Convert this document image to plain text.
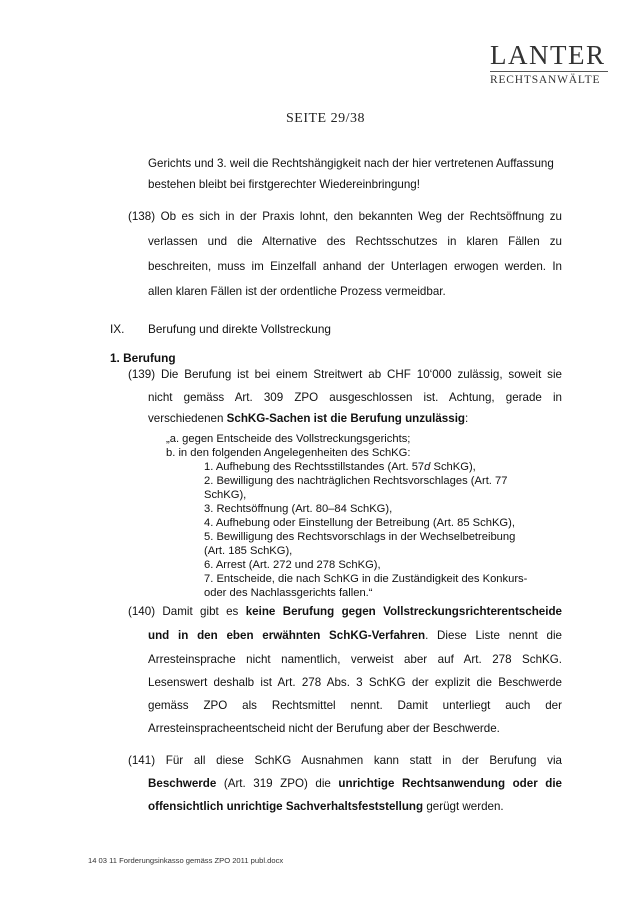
LANTER
RECHTSANWÄLTE
SEITE 29/38
Gerichts und 3. weil die Rechtshängigkeit nach der hier vertretenen Auffassung
bestehen bleibt bei firstgerechter Wiedereinbringung!
(138) Ob es sich in der Praxis lohnt, den bekannten Weg der Rechtsöffnung zu
verlassen und die Alternative des Rechtsschutzes in klaren Fällen zu
beschreiten, muss im Einzelfall anhand der Unterlagen erwogen werden. In
allen klaren Fällen ist der ordentliche Prozess vermeidbar.
IX. Berufung und direkte Vollstreckung
1. Berufung
(139) Die Berufung ist bei einem Streitwert ab CHF 10‘000 zulässig, soweit sie
nicht gemäss Art. 309 ZPO ausgeschlossen ist. Achtung, gerade in
verschiedenen SchKG-Sachen ist die Berufung unzulässig:
„a. gegen Entscheide des Vollstreckungsgerichts;
b. in den folgenden Angelegenheiten des SchKG:
1. Aufhebung des Rechtsstillstandes (Art. 57d SchKG),
2. Bewilligung des nachträglichen Rechtsvorschlages (Art. 77
SchKG),
3. Rechtsöffnung (Art. 80–84 SchKG),
4. Aufhebung oder Einstellung der Betreibung (Art. 85 SchKG),
5. Bewilligung des Rechtsvorschlags in der Wechselbetreibung
(Art. 185 SchKG),
6. Arrest (Art. 272 und 278 SchKG),
7. Entscheide, die nach SchKG in die Zuständigkeit des Konkurs-
oder des Nachlassgerichts fallen.“
(140) Damit gibt es keine Berufung gegen Vollstreckungsrichterentscheide
und in den eben erwähnten SchKG-Verfahren. Diese Liste nennt die
Arresteinsprache nicht namentlich, verweist aber auf Art. 278 SchKG.
Lesenswert deshalb ist Art. 278 Abs. 3 SchKG der explizit die Beschwerde
gemäss ZPO als Rechtsmittel nennt. Damit unterliegt auch der
Arresteinspracheentscheid nicht der Berufung aber der Beschwerde.
(141) Für all diese SchKG Ausnahmen kann statt in der Berufung via
Beschwerde (Art. 319 ZPO) die unrichtige Rechtsanwendung oder die
offensichtlich unrichtige Sachverhaltsfeststellung gerügt werden.
14 03 11 Forderungsinkasso gemäss ZPO 2011 publ.docx
